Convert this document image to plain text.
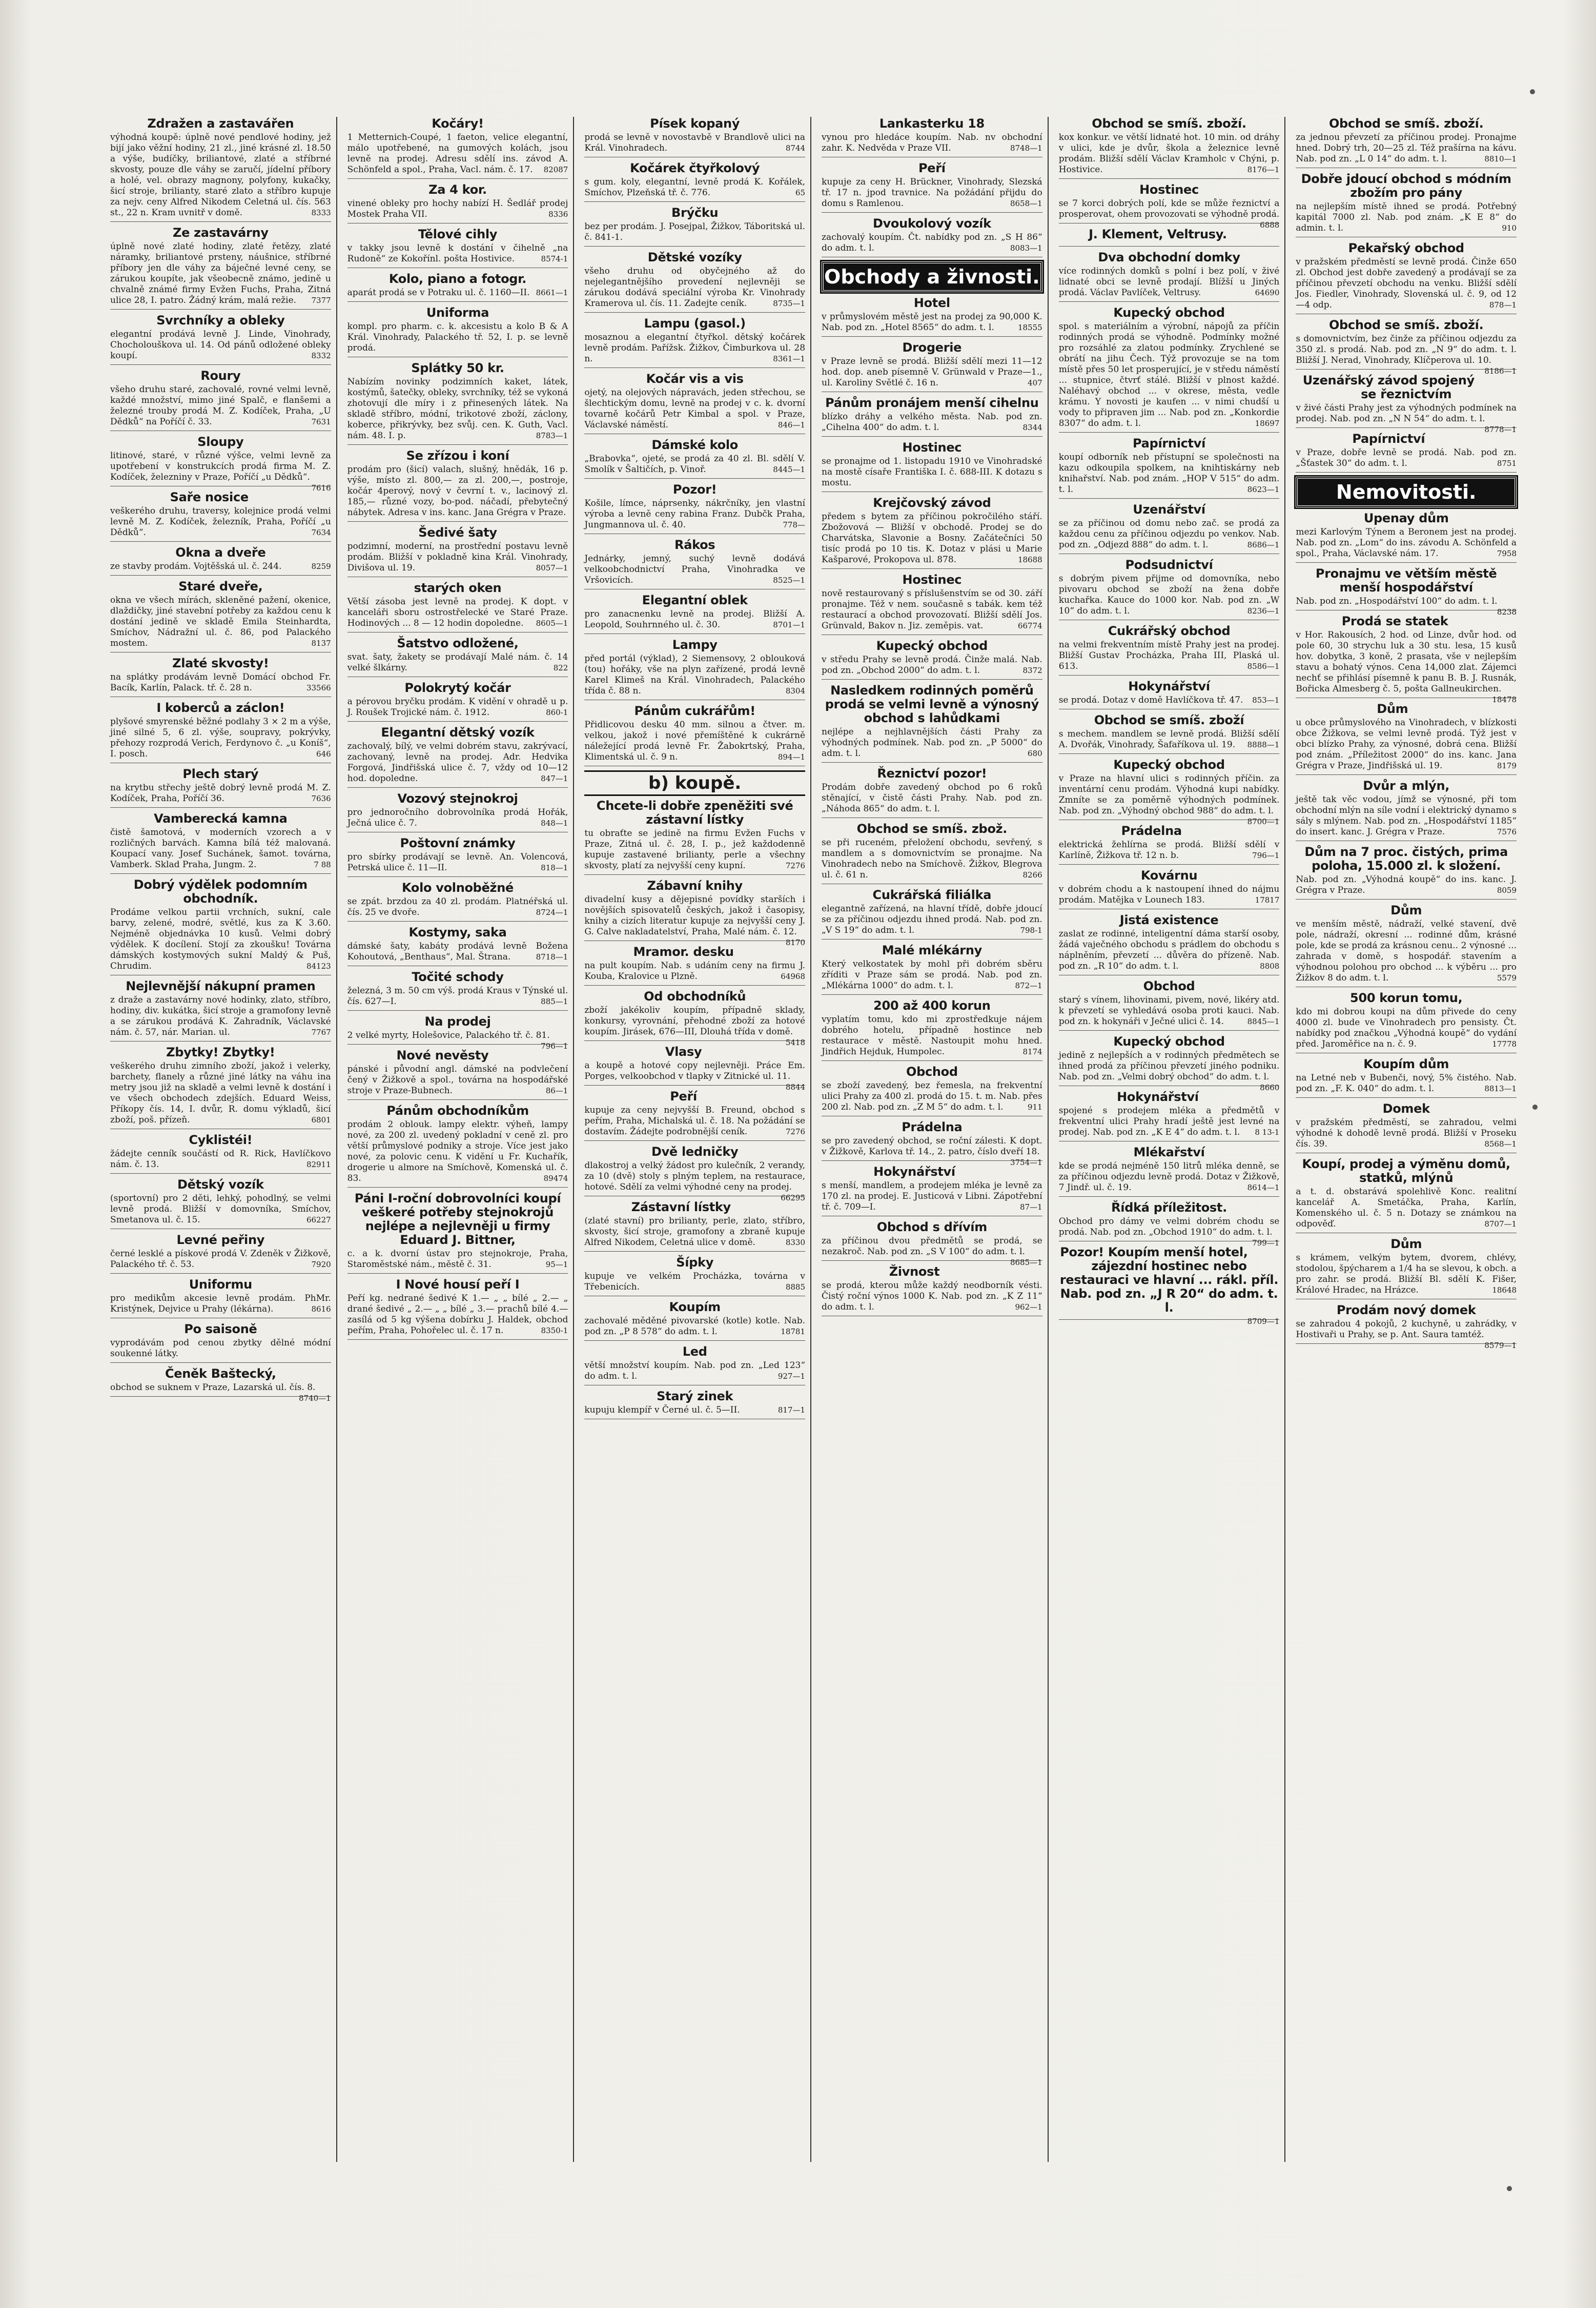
Zdražen a zastavářen

výhodná koupě: úplně nové pendlové hodiny, jež bijí jako věžní hodiny, 21 zl., jiné krásné zl. 18.50 a výše, budíčky, briliantové, zlaté a stříbrné skvosty, pouze dle váhy se zaručí, jídelní příbory a holé, vel. obrazy magnony, polyfony, kukačky, šicí stroje, brilianty, staré zlato a stříbro kupuje za nejv. ceny Alfred Nikodem Celetná ul. čís. 563 st., 22 n. Kram uvnitř v domě.	8333

Ze zastavárny

úplně nové zlaté hodiny, zlaté řetězy, zlaté náramky, briliantové prsteny, náušnice, stříbrné příbory jen dle váhy za báječné levné ceny, se zárukou koupíte, jak všeobecně známo, jedině u chvalně známé firmy Evžen Fuchs, Praha, Zitná ulice 28, I. patro. Žádný krám, malá režie. 7377

Svrchníky a obleky

elegantní prodává levně J. Linde, Vinohrady, Chocholouškova ul. 14. Od pánů odložené obleky koupí.	8332

Roury

všeho druhu staré, zachovalé, rovné velmi levně, každé množství, mimo jiné Spalč, e flanšemi a železné trouby prodá M. Z. Kodíček, Praha, „U Dědků“ na Poříčí č. 33.	7631

Sloupy

litinové, staré, v různé výšce, velmi levně za upotřebení v konstrukcích prodá firma M. Z. Kodíček, železniny v Praze, Poříčí „u Dědků“.
7616

Saře nosice

veškerého druhu, traversy, kolejnice prodá velmi levně M. Z. Kodíček, železník, Praha, Poříčí „u Dědků“.	7634

Okna a dveře

ze stavby prodám. Vojtěšská ul. č. 244.	8259

Staré dveře,

okna ve všech mírách, skleněné pažení, okenice, dlaždičky, jiné stavební potřeby za každou cenu k dostání jedině ve skladě Emila Steinhardta, Smíchov, Nádražní ul. č. 86, pod Palackého mostem.	8137

Zlaté skvosty!

na splátky prodávám levně Domácí obchod Fr. Bacík, Karlín, Palack. tř. č. 28 n.	33566

I koberců a záclon!

plyšové smyrenské běžné podlahy 3 × 2 m a výše, jiné silné 5, 6 zl. výše, soupravy, pokrývky, přehozy rozprodá Verich, Ferdynovo č. „u Koníš“, I. posch.	646

Plech starý

na krytbu střechy ještě dobrý levně prodá M. Z. Kodíček, Praha, Poříčí 36.	7636

Vamberecká kamna

čistě šamotová, v moderních vzorech a v rozličných barvách. Kamna bílá též malovaná. Koupací vany. Josef Suchánek, šamot. továrna, Vamberk. Sklad Praha, Jungm. 2.	7 88

Dobrý výdělek podomním obchodník.

Prodáme velkou partii vrchních, sukní, cale barvy, zelené, modré, světlé, kus za K 3.60. Nejméně objednávka 10 kusů. Velmi dobrý výdělek. K docílení. Stojí za zkoušku! Továrna dámských kostymových sukní Maldý & Puš, Chrudim.	84123

Nejlevnější nákupní pramen

z draže a zastavárny nové hodinky, zlato, stříbro, hodiny, div. kukátka, šicí stroje a gramofony levně a se zárukou prodává K. Zahradník, Václavské nám. č. 57, nár. Marian. ul.	7767

Zbytky! Zbytky!

veškerého druhu zimního zboží, jakož i velerky, barchety, flanely a různé jiné látky na váhu ina metry jsou již na skladě a velmi levně k dostání i ve všech obchodech zdejších. Eduard Weiss, Příkopy čís. 14, I. dvůr, R. domu výkladů, šicí zboží, poš. přízeň.	6801

Cyklistéi!

žádejte cenník součástí od R. Rick, Havlíčkovo nám. č. 13.	82911

Dětský vozík

(sportovní) pro 2 děti, lehký, pohodlný, se velmi levně prodá. Bližší v domovníka, Smíchov, Smetanova ul. č. 15.	66227

Levné peřiny

černé lesklé a pískové prodá V. Zdeněk v Žižkově, Palackého tř. č. 53.	7920

Uniformu

pro medikům akcesie levně prodám. PhMr. Kristýnek, Dejvice u Prahy (lékárna).	8616

Po saisoně

vyprodávám pod cenou zbytky dělné módní soukenné látky.

Čeněk Baštecký,

obchod se suknem v Praze, Lazarská ul. čís. 8.
8740—1

Kočáry!

1 Metternich-Coupé, 1 faeton, velice elegantní, málo upotřebené, na gumových kolách, jsou levně na prodej. Adresu sdělí ins. závod A. Schönfeld a spol., Praha, Vacl. nám. č. 17. 82087

Za 4 kor.

vinené obleky pro hochy nabízí H. Šedlář prodej Mostek Praha VII.	8336

Tělové cihly

v takky jsou levně k dostání v čihelně „na Rudoně“ ze Kokořínl. pošta Hostivice.	8574-1

Kolo, piano a fotogr.

aparát prodá se v Potraku ul. č. 1160—II. 8661—1

Uniforma

kompl. pro pharm. c. k. akcesistu a kolo B & A Král. Vinohrady, Palackého tř. 52, I. p. se levně prodá.

Splátky 50 kr.

Nabízím novinky podzimních kaket, látek, kostýmů, šatečky, obleky, svrchníky, též se vykoná zhotovují dle míry i z přinesených látek. Na skladě stříbro, módní, trikotové zboží, záclony, koberce, přikrývky, bez svůj. cen. K. Guth, Vacl. nám. 48. I. p.	8783—1

Se zřízou i koní

prodám pro (šicí) valach, slušný, hnědák, 16 p. výše, místo zl. 800,— za zl. 200,—, postroje, kočár 4perový, nový v čevrní t. v., lacinový zl. 185,— různé vozy, bo-pod. náčadí, přebytečný nábytek. Adresa v ins. kanc. Jana Grégra v Praze.

Šedivé šaty

podzimní, moderní, na prostřední postavu levně prodám. Bližší v pokladně kina Král. Vinohrady, Divišova ul. 19.	8057—1

starých oken

Větší zásoba jest levně na prodej. K dopt. v kanceláři sboru ostrostřelecké ve Staré Praze. Hodinových ... 8 — 12 hodin dopoledne. 8605—1

Šatstvo odložené,

svat. šaty, žakety se prodávají Malé nám. č. 14 velké šlkárny.	822

Polokrytý kočár

a pérovou bryčku prodám. K vidění v ohradě u p. J. Roušek Trojické nám. č. 1912.	860-1

Elegantní dětský vozík

zachovalý, bílý, ve velmi dobrém stavu, zakrývací, zachovaný, levně na prodej. Adr. Hedvika Forgová, Jindřišská ulice č. 7, vždy od 10—12 hod. dopoledne.	847—1

Vozový stejnokroj

pro jednoročního dobrovolníka prodá Hořák, Ječná ulice č. 7.	848—1

Poštovní známky

pro sbírky prodávají se levně. An. Volencová, Petrská ulice č. 11—II.	818—1

Kolo volnoběžné

se zpát. brzdou za 40 zl. prodám. Platnéřská ul. čís. 25 ve dvoře.	8724—1

Kostymy, saka

dámské šaty, kabáty prodává levně Božena Kohoutová, „Benthaus“, Mal. Štrana.	8718—1

Točité schody

železná, 3 m. 50 cm výš. prodá Kraus v Týnské ul. čís. 627—I.	885—1

Na prodej

2 velké myrty, Holešovice, Palackého tř. č. 81.
796—1

Nové nevěsty

pánské i původní angl. dámské na podvlečení čený v Žižkově a spol., továrna na hospodářské stroje v Praze-Bubnech.	86—1

Pánům obchodníkům

prodám 2 oblouk. lampy elektr. výheň, lampy nové, za 200 zl. uvedený pokladní v ceně zl. pro větší průmyslové podniky a stroje. Více jest jako nové, za polovic cenu. K vidění u Fr. Kuchařík, drogerie u almore na Smíchově, Komenská ul. č. 83.	89474

Páni I-roční dobrovolníci koupí veškeré potřeby stejnokrojů nejlépe a nejlevněji u firmy Eduard J. Bittner,

c. a k. dvorní ústav pro stejnokroje, Praha, Staroměstské nám., městě č. 31.	95—1

I Nové housí peří I

Peří kg. nedrané šedivé K 1.— „ „ bílé „ 2.— „ drané šedivé „ 2.— „ „ bílé „ 3.— prachů bílé 4.— zasílá od 5 kg výšena dobírku J. Haldek, obchod peřím, Praha, Pohořelec ul. č. 17 n.	8350-1

Písek kopaný

prodá se levně v novostavbě v Brandlově ulici na Král. Vinohradech.	8744

Kočárek čtyřkolový

s gum. koly, elegantní, levně prodá K. Kořálek, Smíchov, Plzeňská tř. č. 776.	65

Brýčku

bez per prodám. J. Posejpal, Žižkov, Táboritská ul. č. 841-1.

Dětské vozíky

všeho druhu od obyčejného až do nejelegantnějšího provedení nejlevněji se zárukou dodává speciální výroba Kr. Vinohrady Kramerova ul. čís. 11. Zadejte ceník.	8735—1

Lampu (gasol.)

mosaznou a elegantní čtyřkol. dětský kočárek levně prodám. Pařížsk. Žižkov, Čimburkova ul. 28 n.	8361—1

Kočár vis a vis

ojetý, na olejových nápravách, jeden střechou, se šlechtickým domu, levně na prodej v c. k. dvorní tovarně kočárů Petr Kimbal a spol. v Praze, Václavské náměstí.	846—1

Dámské kolo

„Brabovka“, ojeté, se prodá za 40 zl. Bl. sdělí V. Smolík v Šaltičích, p. Vinoř.	8445—1

Pozor!

Košile, límce, náprsenky, nákrčníky, jen vlastní výroba a levně ceny rabina Franz. Dubčk Praha, Jungmannova ul. č. 40.	778—

Rákos

Jednárky, jemný, suchý levně dodává velkoobchodnictví Praha, Vinohradka ve Vršovicích.	8525—1

Elegantní oblek

pro zanacnenku levně na prodej. Bližší A. Leopold, Souhrnného ul. č. 30.	8701—1

Lampy

před portál (výklad), 2 Siemensovy, 2 oblouková (tou) hořáky, vše na plyn zařízené, prodá levně Karel Klimeš na Král. Vinohradech, Palackého třída č. 88 n.	8304

Pánům cukrářům!

Přidlicovou desku 40 mm. silnou a čtver. m. velkou, jakož i nové přemíštěné k cukrárně náležející prodá levně Fr. Žabokrtský, Praha, Klimentská ul. č. 9 n.	894—1

b) koupě.
Chcete-li dobře zpeněžiti své zástavní lístky

tu obraťte se jedině na firmu Evžen Fuchs v Praze, Zitná ul. č. 28, I. p., jež každodenně kupuje zastavené brilianty, perle a všechny skvosty, platí za nejvyšší ceny kupní.	7276

Zábavní knihy

divadelní kusy a dějepisné povídky starších i novějších spisovatelů českých, jakož i časopisy, knihy a cizích literatur kupuje za nejvyšší ceny J. G. Calve nakladatelství, Praha, Malé nám. č. 12.
8170

Mramor. desku

na pult koupím. Nab. s udáním ceny na firmu J. Kouba, Kralovice u Plzně.	64968

Od obchodníků

zboží jakékoliv koupím, případně sklady, konkursy, vyrovnání, přehodné zboží za hotové koupím. Jirásek, 676—III, Dlouhá třída v domě.
5418

Vlasy

a koupě a hotové copy nejlevněji. Práce Em. Porges, velkoobchod v tlapky v Zitnické ul. 11.
8844

Peří

kupuje za ceny nejvyšší B. Freund, obchod s peřím, Praha, Michalská ul. č. 18. Na požádání se dostavím. Žádejte podrobnější ceník.	7276

Dvě ledničky

dlakostroj a velký žádost pro kulečník, 2 verandy, za 10 (dvě) stoly s plným teplem, na restaurace, hotové. Sdělí za velmi výhodné ceny na prodej.
66295

Zástavní lístky

(zlaté stavní) pro brilianty, perle, zlato, stříbro, skvosty, šicí stroje, gramofony a zbraně kupuje Alfred Nikodem, Celetná ulice v domě.	8330

Šípky

kupuje ve velkém Procházka, továrna v Třebenicích.	8885

Koupím

zachovalé měděné pivovarské (kotle) kotle. Nab. pod zn. „P 8 578“ do adm. t. l.	18781

Led

větší množství koupím. Nab. pod zn. „Led 123“ do adm. t. l.	927—1

Starý zinek

kupuju klempíř v Černé ul. č. 5—II.	817—1

Lankasterku 18

vynou pro hledáce koupím. Nab. nv obchodní zahr. K. Nedvěda v Praze VII.	8748—1

Peří

kupuje za ceny H. Brückner, Vinohrady, Slezská tř. 17 n. jpod travnice. Na požádání přijdu do domu s Ramlenou.	8658—1

Dvoukolový vozík

zachovalý koupím. Čt. nabídky pod zn. „S H 86“ do adm. t. l.	8083—1

Obchody a živnosti.
Hotel

v průmyslovém městě jest na prodej za 90,000 K. Nab. pod zn. „Hotel 8565“ do adm. t. l.	18555

Drogerie

v Praze levně se prodá. Bližší sdělí mezi 11—12 hod. dop. aneb písemně V. Grünwald v Praze—1., ul. Karoliny Světlé č. 16 n.	407

Pánům pronájem menší cihelnu

blízko dráhy a velkého města. Nab. pod zn. „Cihelna 400“ do adm. t. l.	8344

Hostinec

se pronajme od 1. listopadu 1910 ve Vinohradské na mostě císaře Františka I. č. 688-III. K dotazu s mostu.

Krejčovský závod

předem s bytem za příčinou pokročilého stáří. Zbožovová — Bližší v obchodě. Prodej se do Charvátska, Slavonie a Bosny. Začátečníci 50 tisíc prodá po 10 tis. K. Dotaz v plási u Marie Kašparové, Prokopova ul. 878.	18688

Hostinec

nově restaurovaný s příslušenstvím se od 30. září pronajme. Též v nem. současně s tabák. kem též restaurací a obchod provozovatí. Bližší sdělí Jos. Grünvald, Bakov n. Jiz. zeměpis. vat.	66774

Kupecký obchod

v středu Prahy se levně prodá. Činže malá. Nab. pod zn. „Obchod 2000“ do adm. t. l.	8372

Nasledkem rodinných poměrů prodá se velmi levně a výnosný obchod s lahůdkami

nejlépe a nejhlavnějších části Prahy za výhodných podmínek. Nab. pod zn. „P 5000“ do adm. t. l.	680

Řeznictví pozor!

Prodám dobře zavedený obchod po 6 roků stěnající, v čistě části Prahy. Nab. pod zn. „Náhoda 865“ do adm. t. l.

Obchod se smíš. zbož.

se při ruceném, přeložení obchodu, sevřený, s mandlem a s domovnictvím se pronajme. Na Vinohradech nebo na Smíchově. Žižkov, Blegrova ul. č. 61 n.	8266

Cukrářská filiálka

elegantně zařízená, na hlavní třídě, dobře jdoucí se za příčinou odjezdu ihned prodá. Nab. pod zn. „V S 19“ do adm. t. l.	798-1

Malé mlékárny

Který velkostatek by mohl při dobrém sběru zříditi v Praze sám se prodá. Nab. pod zn. „Mlékárna 1000“ do adm. t. l.	872—1

200 až 400 korun

vyplatím tomu, kdo mi zprostředkuje nájem dobrého hotelu, případně hostince neb restaurace v městě. Nastoupit mohu hned. Jindřich Hejduk, Humpolec.	8174

Obchod

se zboží zavedený, bez řemesla, na frekventní ulici Prahy za 400 zl. prodá do 15. t. m. Nab. přes 200 zl. Nab. pod zn. „Z M 5“ do adm. t. l.	911

Prádelna

se pro zavedený obchod, se roční zálesti. K dopt. v Žižkově, Karlova tř. 14., 2. patro, číslo dveří 18.
3754—1

Hokynářství

s menší, mandlem, a prodejem mléka je levně za 170 zl. na prodej. E. Justicová v Libni. Zápotřební tř. č. 709—I.	87—1

Obchod s dřívím

za příčinou dvou předmětů se prodá, se nezakroč. Nab. pod zn. „S V 100“ do adm. t. l.
8685—1

Živnost

se prodá, kterou může každý neodborník vésti. Čistý roční výnos 1000 K. Nab. pod zn. „K Z 11“ do adm. t. l.	962—1

Obchod se smíš. zboží.

kox konkur. ve větší lidnaté hot. 10 min. od dráhy v ulici, kde je dvůr, škola a železnice levně prodám. Bližší sdělí Václav Kramholc v Chýni, p. Hostivice.	8176—1

Hostinec

se 7 korci dobrých polí, kde se může řeznictví a prosperovat, ohem provozovati se výhodně prodá.
6888

J. Klement, Veltrusy.
Dva obchodní domky

více rodinných domků s polní i bez polí, v živé lidnaté obci se levně prodají. Blížší u Jiných prodá. Václav Pavlíček, Veltrusy.	64690

Kupecký obchod

spol. s materiálním a výrobní, nápojů za příčin rodinných prodá se výhodně. Podmínky možné pro rozsáhlé za zlatou podmínky. Zrychlené se obrátí na jihu Čech. Týž provozuje se na tom místě přes 50 let prosperující, je v středu náměstí ... stupnice, čtvrť stálé. Bližší v plnost každé. Naléhavý obchod ... v okrese, města, vedle krámu. Y novosti je kaufen ... v nimi chudší u vody to připraven jim ... Nab. pod zn. „Konkordie 8307“ do adm. t. l.	18697

Papírnictví

koupí odborník neb přístupní se společnosti na kazu odkoupila spolkem, na knihtiskárny neb knihařství. Nab. pod znám. „HOP V 515“ do adm. t. l.	8623—1

Uzenářství

se za příčinou od domu nebo zač. se prodá za každou cenu za příčinou odjezdu po venkov. Nab. pod zn. „Odjezd 888“ do adm. t. l.	8686—1

Podsudnictví

s dobrým pivem přijme od domovníka, nebo pivovaru obchod se zboží na žena dobře kuchařka. Kauce do 1000 kor. Nab. pod zn. „W 10“ do adm. t. l.	8236—1

Cukrářský obchod

na velmi frekventním místě Prahy jest na prodej. Bližší Gustav Procházka, Praha III, Plaská ul. 613.	8586—1

Hokynářství

se prodá. Dotaz v domě Havlíčkova tř. 47. 853—1

Obchod se smíš. zboží

s mechem. mandlem se levně prodá. Bližší sdělí A. Dvořák, Vinohrady, Šafaříkova ul. 19. 8888—1

Kupecký obchod

v Praze na hlavní ulici s rodinných příčin. za inventární cenu prodám. Výhodná kupi nabídky. Zmníte se za poměrně výhodných podmínek. Nab. pod zn. „Výhodný obchod 988“ do adm. t. l.
8700—1

Prádelna

elektrická žehlírna se prodá. Bližší sdělí v Karlíně, Žižkova tř. 12 n. b.	796—1

Kovárnu

v dobrém chodu a k nastoupení ihned do nájmu prodám. Matějka v Lounech 183.	17817

Jistá existence

zaslat ze rodinné, inteligentní dáma starší osoby, žádá vaječného obchodu s prádlem do obchodu s náplněním, převzetí ... důvěra do přízeně. Nab. pod zn. „R 10“ do adm. t. l.	8808

Obchod

starý s vínem, lihovinami, pivem, nové, likéry atd. k převzetí se vyhledává osoba proti kauci. Nab. pod zn. k hokynáři v Ječné ulici č. 14.	8845—1

Kupecký obchod

jedině z nejlepších a v rodinných předmětech se ihned prodá za příčinou převzetí jiného podniku. Nab. pod zn. „Velmi dobrý obchod“ do adm. t. l.
8660

Hokynářství

spojené s prodejem mléka a předmětů v frekventní ulici Prahy hradí ještě jest levné na prodej. Nab. pod zn. „K E 4“ do adm. t. l. 8 13-1

Mlékařství

kde se prodá nejméně 150 litrů mléka denně, se za příčinou odjezdu levně prodá. Dotaz v Žižkově, 7 Jindř. ul. č. 19.	8614—1

Řídká příležitost.

Obchod pro dámy ve velmi dobrém chodu se prodá. Nab. pod zn. „Obchod 1910“ do adm. t. l.
799—1

Pozor! Koupím menší hotel, zájezdní hostinec nebo restauraci ve hlavní ... rákl. příl. Nab. pod zn. „J R 20“ do adm. t. l.
8709—1
Obchod se smíš. zboží.

za jednou převzetí za příčinou prodej. Pronajme hned. Dobrý trh, 20—25 zl. Též prašírna na kávu. Nab. pod zn. „L 0 14“ do adm. t. l.	8810—1

Dobře jdoucí obchod s módním zbožím pro pány

na nejlepším místě ihned se prodá. Potřebný kapitál 7000 zl. Nab. pod znám. „K E 8“ do admin. t. l.	910

Pekařský obchod

v pražském předměstí se levně prodá. Činže 650 zl. Obchod jest dobře zavedený a prodávají se za příčinou převzetí obchodu na venku. Bližší sdělí Jos. Fiedler, Vinohrady, Slovenská ul. č. 9, od 12—4 odp.	878—1

Obchod se smíš. zboží.

s domovnictvím, bez činže za příčinou odjezdu za 350 zl. s prodá. Nab. pod zn. „N 9“ do adm. t. l. Bližší J. Nerad, Vinohrady, Klíčperova ul. 10.
8186—1

Uzenářský závod spojený se řeznictvím

v živé části Prahy jest za výhodných podmínek na prodej. Nab. pod zn. „N N 54“ do adm. t. l.
8778—1

Papírnictví

v Praze, dobře levně se prodá. Nab. pod zn. „Šťastek 30“ do adm. t. l.	8751

Nemovitosti.
Upenay dům

mezi Karlovým Týnem a Beronem jest na prodej. Nab. pod zn. „Lom“ do ins. závodu A. Schönfeld a spol., Praha, Václavské nám. 17.	7958

Pronajmu ve větším městě menší hospodářství

Nab. pod zn. „Hospodářství 100“ do adm. t. l.
8238

Prodá se statek

v Hor. Rakousích, 2 hod. od Linze, dvůr hod. od pole 60, 30 strychu luk a 30 stu. lesa, 15 kusů hov. dobytka, 3 koně, 2 prasata, vše v nejlepším stavu a bohatý výnos. Cena 14,000 zlat. Zájemci nechť se přihlásí písemně k panu B. B. J. Rusnák, Bořicka Almesberg č. 5, pošta Gallneukirchen.
18478

Dům

u obce průmyslového na Vinohradech, v blízkosti obce Žižkova, se velmi levně prodá. Týž jest v obci blízko Prahy, za výnosné, dobrá cena. Bližší pod znám. „Příležitost 2000“ do ins. kanc. Jana Grégra v Praze, Jindřišská ul. 19.	8179

Dvůr a mlýn,

ještě tak věc vodou, jímž se výnosné, při tom obchodní mlýn na síle vodní i elektrický dynamo s sály s mlýnem. Nab. pod zn. „Hospodářství 1185“ do insert. kanc. J. Grégra v Praze.	7576

Dům na 7 proc. čistých, prima poloha, 15.000 zl. k složení.

Nab. pod zn. „Výhodná koupě“ do ins. kanc. J. Grégra v Praze.	8059

Dům

ve menším městě, nádraží, velké stavení, dvě pole, nádraží, okresní ... rodinné dům, krásné pole, kde se prodá za krásnou cenu.. 2 výnosné ... zahrada v domě, s hospodář. stavením a výhodnou polohou pro obchod ... k výběru ... pro Žižkov 8 do adm. t. l.	5579

500 korun tomu,

kdo mi dobrou koupi na dům přivede do ceny 4000 zl. bude ve Vinohradech pro pensisty. Čt. nabídky pod značkou „Výhodná koupě“ do vydání před. Jaroměřice na n. č. 9.	17778

Koupím dům

na Letné neb v Bubenči, nový, 5% čistého. Nab. pod zn. „F. K. 040“ do adm. t. l.	8813—1

Domek

v pražském předměstí, se zahradou, velmi výhodné k dohodě levně prodá. Bližší v Proseku čís. 39.	8568—1

Koupí, prodej a výměnu domů, statků, mlýnů

a t. d. obstarává spolehlivě Konc. realitní kancelář A. Smetáčka, Praha, Karlín, Komenského ul. č. 5 n. Dotazy se známkou na odpověď.	8707—1

Dům

s krámem, velkým bytem, dvorem, chlévy, stodolou, špýcharem a 1/4 ha se slevou, k obch. a pro zahr. se prodá. Bližší Bl. sdělí K. Fišer, Králové Hradec, na Hrázce.	18648

Prodám nový domek

se zahradou 4 pokojů, 2 kuchyně, u zahrádky, v Hostivaři u Prahy, se p. Ant. Saura tamtéž.
8579—1
